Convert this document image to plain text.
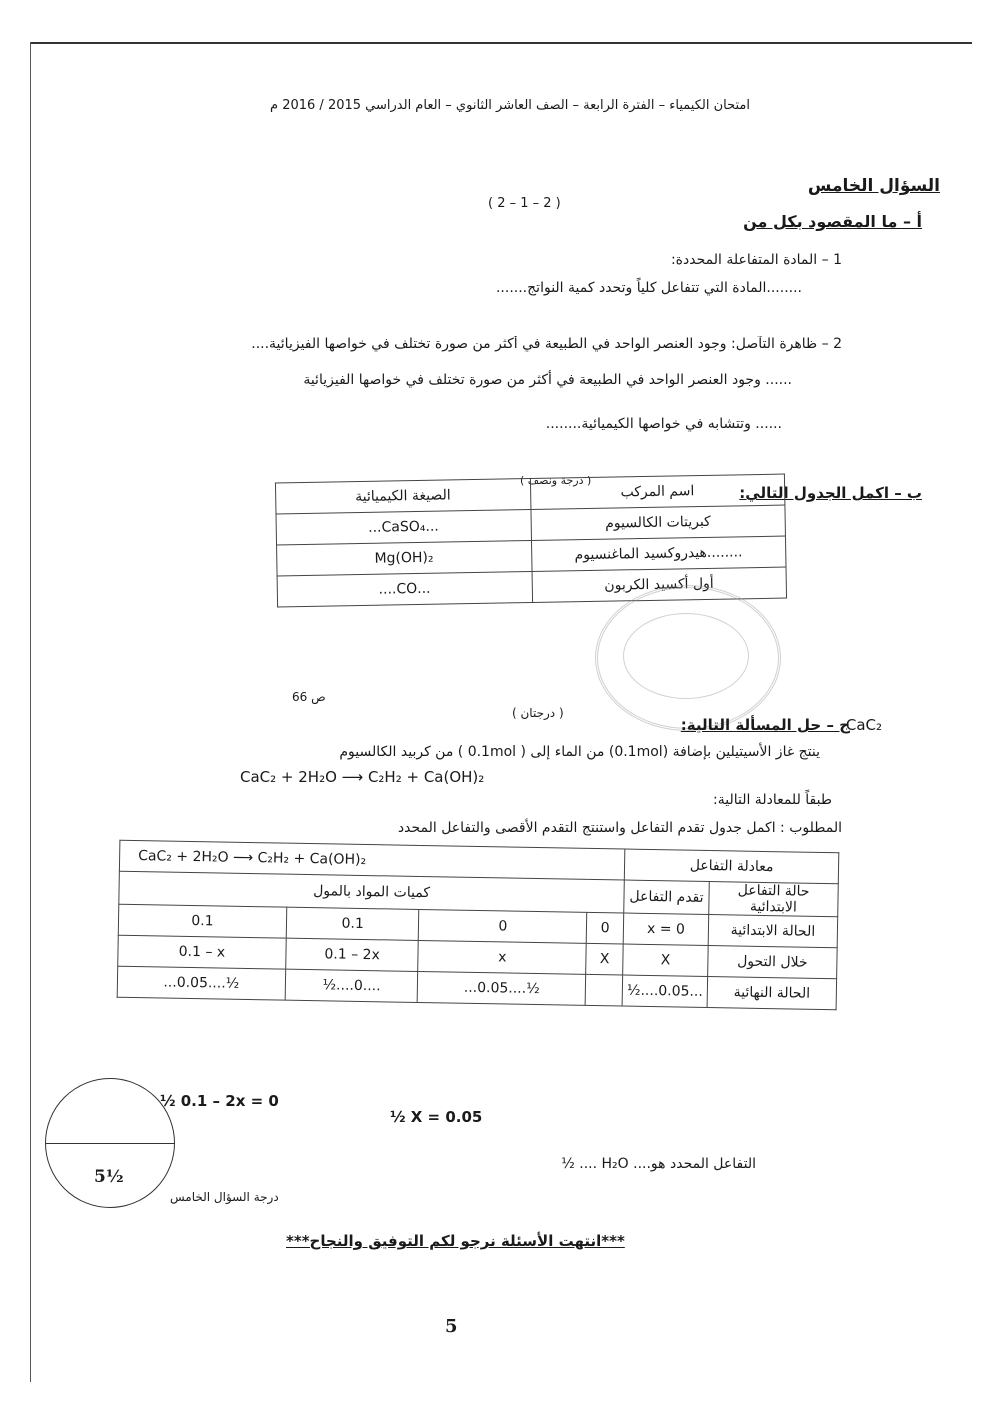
امتحان الكيمياء – الفترة الرابعة – الصف العاشر الثانوي – العام الدراسي 2015 / 2016 م
السؤال الخامس
( 2 – 1 – 2 )
أ – ما المقصود بكل من
1 – المادة المتفاعلة المحددة:
........المادة التي تتفاعل كلياً وتحدد كمية النواتج.......
2 – ظاهرة التآصل: وجود العنصر الواحد في الطبيعة في أكثر من صورة تختلف في خواصها الفيزيائية....
...... وجود العنصر الواحد في الطبيعة في أكثر من صورة تختلف في خواصها الفيزيائية
...... وتتشابه في خواصها الكيميائية........
ب – اكمل الجدول التالي:
( درجة ونصف )
اسم المركب	الصيغة الكيميائية
كبريتات الكالسيوم	...CaSO₄...
........هيدروكسيد الماغنسيوم	Mg(OH)₂
أول أكسيد الكربون	...CO....
ص 66
( درجتان )
ج – حل المسألة التالية:
CaC₂
ينتج غاز الأسيتيلين بإضافة (0.1mol) من الماء إلى ( 0.1mol ) من كربيد الكالسيوم
CaC₂ + 2H₂O ⟶ C₂H₂ + Ca(OH)₂
طبقاً للمعادلة التالية:
المطلوب : اكمل جدول تقدم التفاعل واستنتج التقدم الأقصى والتفاعل المحدد
CaC₂ + 2H₂O ⟶ C₂H₂ + Ca(OH)₂				معادلة التفاعل	
كميات المواد بالمول				تقدم التفاعل	حالة التفاعل الابتدائية

0.1	0.1	0	0	x = 0	الحالة الابتدائية
0.1 – x	0.1 – 2x	x	X	X	خلال التحول
...0.05....½	½....0....	...0.05....½		½....0.05...	الحالة النهائية
½ 0.1 – 2x = 0
½ X = 0.05
التفاعل المحدد هو.... H₂O .... ½
5½
درجة السؤال الخامس
***انتهت الأسئلة نرجو لكم التوفيق والنجاح***
5
